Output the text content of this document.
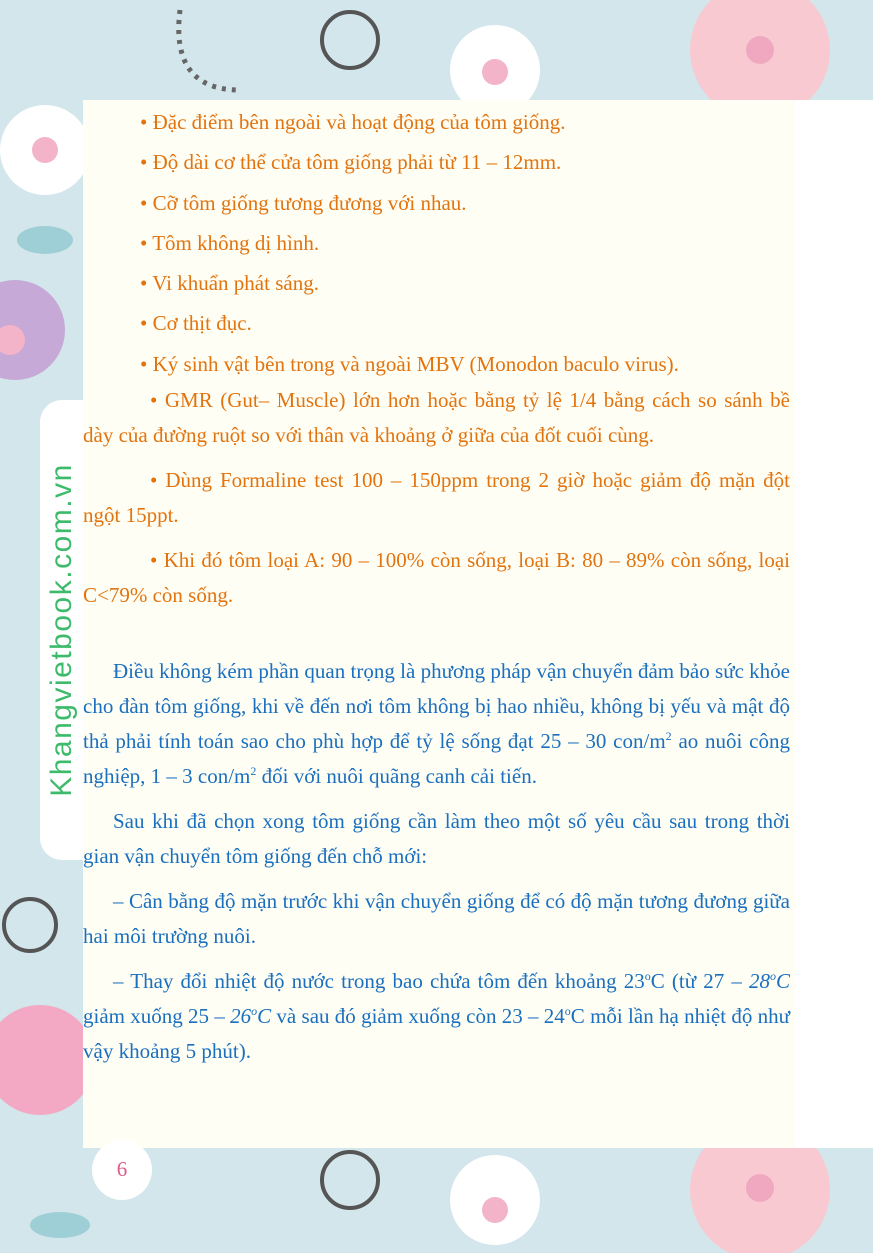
Khangvietbook.com.vn

• Đặc điểm bên ngoài và hoạt động của tôm giống.

• Độ dài cơ thể cửa tôm giống phải từ 11 – 12mm.

• Cỡ tôm giống tương đương với nhau.

• Tôm không dị hình.

• Vi khuẩn phát sáng.

• Cơ thịt đục.

• Ký sinh vật bên trong và ngoài MBV (Monodon baculo virus).

• GMR (Gut– Muscle) lớn hơn hoặc bằng tỷ lệ 1/4 bằng cách so sánh bề dày của đường ruột so với thân và khoảng ở giữa của đốt cuối cùng.

• Dùng Formaline test 100 – 150ppm trong 2 giờ hoặc giảm độ mặn đột ngột 15ppt.

• Khi đó tôm loại A: 90 – 100% còn sống, loại B: 80 – 89% còn sống, loại C<79% còn sống.

Điều không kém phần quan trọng là phương pháp vận chuyển đảm bảo sức khỏe cho đàn tôm giống, khi về đến nơi tôm không bị hao nhiều, không bị yếu và mật độ thả phải tính toán sao cho phù hợp để tỷ lệ sống đạt 25 – 30 con/$m^2$ ao nuôi công nghiệp, 1 – 3 con/$m^2$ đối với nuôi quãng canh cải tiến.

Sau khi đã chọn xong tôm giống cần làm theo một số yêu cầu sau trong thời gian vận chuyển tôm giống đến chỗ mới:

– Cân bằng độ mặn trước khi vận chuyển giống để có độ mặn tương đương giữa hai môi trường nuôi.

– Thay đổi nhiệt độ nước trong bao chứa tôm đến khoảng 23$^o$C (từ 27 – 28$^o$C giảm xuống 25 – 26$^o$C và sau đó giảm xuống còn 23 – 24$^o$C mỗi lần hạ nhiệt độ như vậy khoảng 5 phút).

6
